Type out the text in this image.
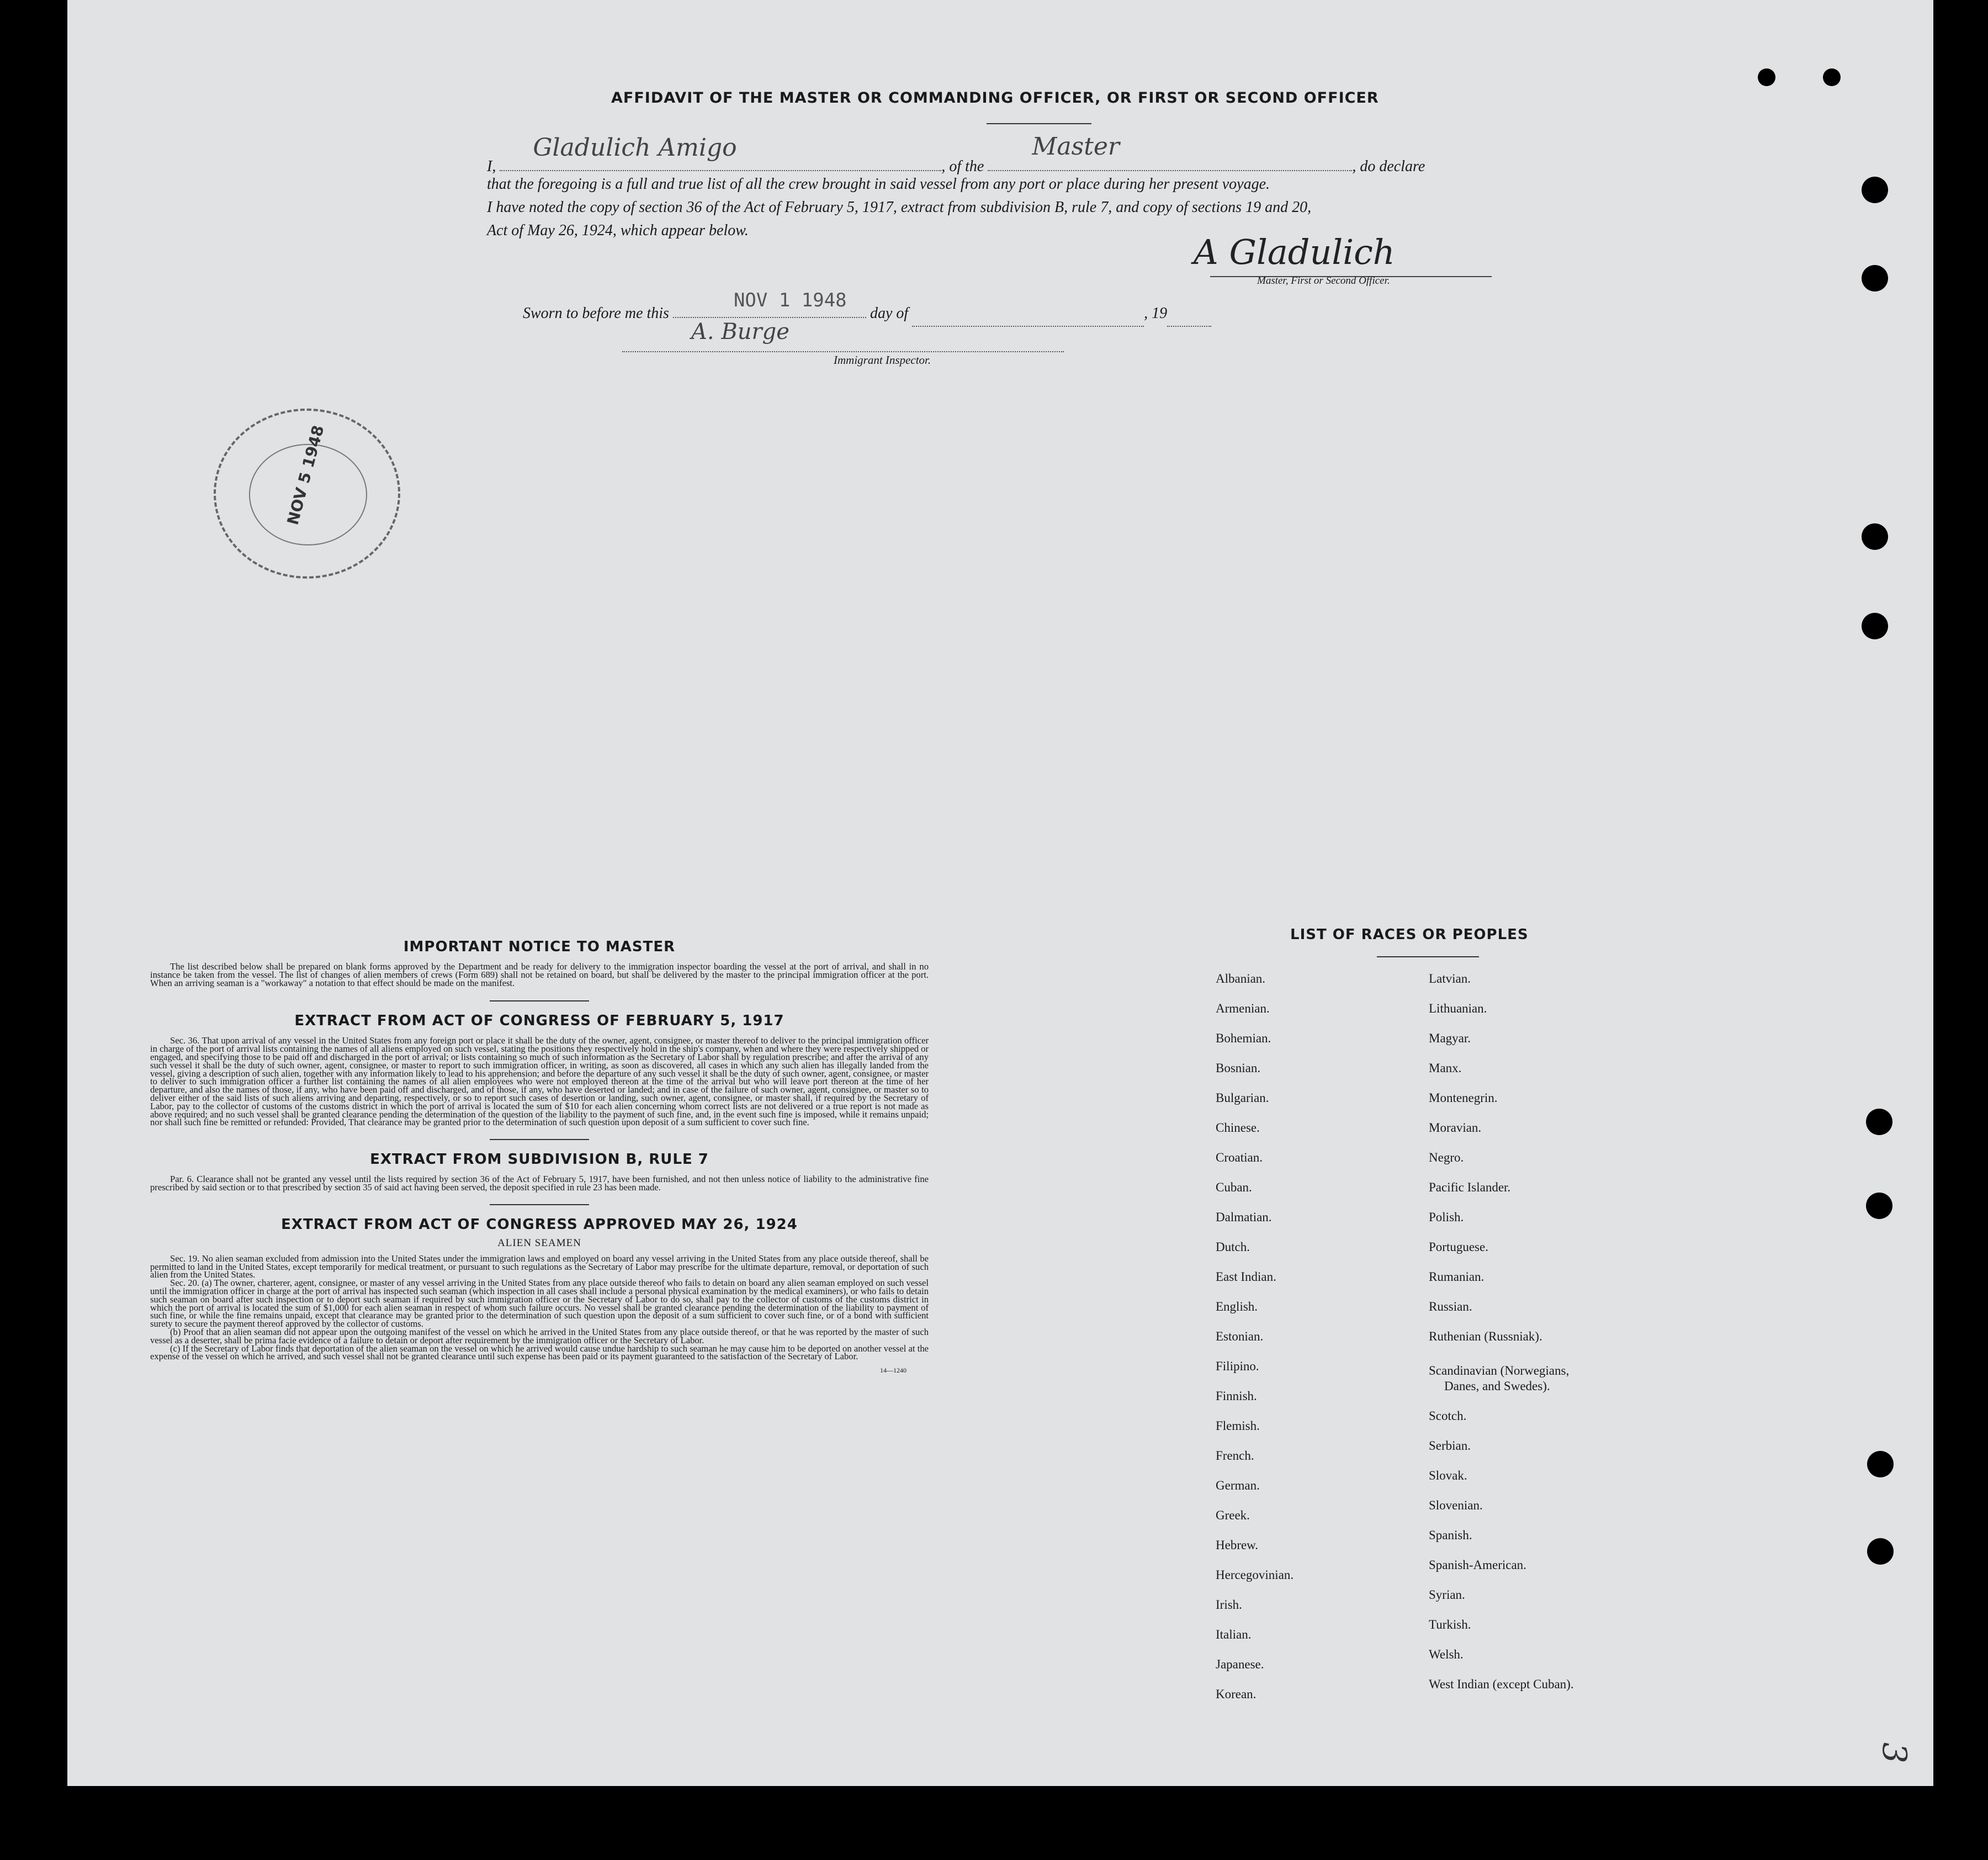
AFFIDAVIT OF THE MASTER OR COMMANDING OFFICER, OR FIRST OR SECOND OFFICER
I,
Gladulich Amigo
, of the
Master
, do declare
that the foregoing is a full and true list of all the crew brought in said vessel from any port or place during her present voyage.
I have noted the copy of section 36 of the Act of February 5, 1917, extract from subdivision B, rule 7, and copy of sections 19 and 20,
Act of May 26, 1924, which appear below.
A Gladulich
Master, First or Second Officer.
Sworn to before me this
NOV 1 1948
day of	, 19
A. Burge
Immigrant Inspector.
NOV 5 1948
IMPORTANT NOTICE TO MASTER

The list described below shall be prepared on blank forms approved by the Department and be ready for delivery to the immigration inspector boarding the vessel at the port of arrival, and shall in no instance be taken from the vessel. The list of changes of alien members of crews (Form 689) shall not be retained on board, but shall be delivered by the master to the principal immigration officer at the port. When an arriving seaman is a "workaway" a notation to that effect should be made on the manifest.

EXTRACT FROM ACT OF CONGRESS OF FEBRUARY 5, 1917

Sec. 36. That upon arrival of any vessel in the United States from any foreign port or place it shall be the duty of the owner, agent, consignee, or master thereof to deliver to the principal immigration officer in charge of the port of arrival lists containing the names of all aliens employed on such vessel, stating the positions they respectively hold in the ship's company, when and where they were respectively shipped or engaged, and specifying those to be paid off and discharged in the port of arrival; or lists containing so much of such information as the Secretary of Labor shall by regulation prescribe; and after the arrival of any such vessel it shall be the duty of such owner, agent, consignee, or master to report to such immigration officer, in writing, as soon as discovered, all cases in which any such alien has illegally landed from the vessel, giving a description of such alien, together with any information likely to lead to his apprehension; and before the departure of any such vessel it shall be the duty of such owner, agent, consignee, or master to deliver to such immigration officer a further list containing the names of all alien employees who were not employed thereon at the time of the arrival but who will leave port thereon at the time of her departure, and also the names of those, if any, who have been paid off and discharged, and of those, if any, who have deserted or landed; and in case of the failure of such owner, agent, consignee, or master so to deliver either of the said lists of such aliens arriving and departing, respectively, or so to report such cases of desertion or landing, such owner, agent, consignee, or master shall, if required by the Secretary of Labor, pay to the collector of customs of the customs district in which the port of arrival is located the sum of $10 for each alien concerning whom correct lists are not delivered or a true report is not made as above required; and no such vessel shall be granted clearance pending the determination of the question of the liability to the payment of such fine, and, in the event such fine is imposed, while it remains unpaid; nor shall such fine be remitted or refunded: Provided, That clearance may be granted prior to the determination of such question upon deposit of a sum sufficient to cover such fine.

EXTRACT FROM SUBDIVISION B, RULE 7

Par. 6. Clearance shall not be granted any vessel until the lists required by section 36 of the Act of February 5, 1917, have been furnished, and not then unless notice of liability to the administrative fine prescribed by said section or to that prescribed by section 35 of said act having been served, the deposit specified in rule 23 has been made.

EXTRACT FROM ACT OF CONGRESS APPROVED MAY 26, 1924
ALIEN SEAMEN

Sec. 19. No alien seaman excluded from admission into the United States under the immigration laws and employed on board any vessel arriving in the United States from any place outside thereof, shall be permitted to land in the United States, except temporarily for medical treatment, or pursuant to such regulations as the Secretary of Labor may prescribe for the ultimate departure, removal, or deportation of such alien from the United States.

Sec. 20. (a) The owner, charterer, agent, consignee, or master of any vessel arriving in the United States from any place outside thereof who fails to detain on board any alien seaman employed on such vessel until the immigration officer in charge at the port of arrival has inspected such seaman (which inspection in all cases shall include a personal physical examination by the medical examiners), or who fails to detain such seaman on board after such inspection or to deport such seaman if required by such immigration officer or the Secretary of Labor to do so, shall pay to the collector of customs of the customs district in which the port of arrival is located the sum of $1,000 for each alien seaman in respect of whom such failure occurs. No vessel shall be granted clearance pending the determination of the liability to payment of such fine, or while the fine remains unpaid, except that clearance may be granted prior to the determination of such question upon the deposit of a sum sufficient to cover such fine, or of a bond with sufficient surety to secure the payment thereof approved by the collector of customs.

(b) Proof that an alien seaman did not appear upon the outgoing manifest of the vessel on which he arrived in the United States from any place outside thereof, or that he was reported by the master of such vessel as a deserter, shall be prima facie evidence of a failure to detain or deport after requirement by the immigration officer or the Secretary of Labor.

(c) If the Secretary of Labor finds that deportation of the alien seaman on the vessel on which he arrived would cause undue hardship to such seaman he may cause him to be deported on another vessel at the expense of the vessel on which he arrived, and such vessel shall not be granted clearance until such expense has been paid or its payment guaranteed to the satisfaction of the Secretary of Labor.

14—1240
LIST OF RACES OR PEOPLES
Albanian.
Armenian.
Bohemian.
Bosnian.
Bulgarian.
Chinese.
Croatian.
Cuban.
Dalmatian.
Dutch.
East Indian.
English.
Estonian.
Filipino.
Finnish.
Flemish.
French.
German.
Greek.
Hebrew.
Hercegovinian.
Irish.
Italian.
Japanese.
Korean.
Latvian.
Lithuanian.
Magyar.
Manx.
Montenegrin.
Moravian.
Negro.
Pacific Islander.
Polish.
Portuguese.
Rumanian.
Russian.
Ruthenian (Russniak).
Scandinavian (Norwegians,
Danes, and Swedes).
Scotch.
Serbian.
Slovak.
Slovenian.
Spanish.
Spanish-American.
Syrian.
Turkish.
Welsh.
West Indian (except Cuban).
3
